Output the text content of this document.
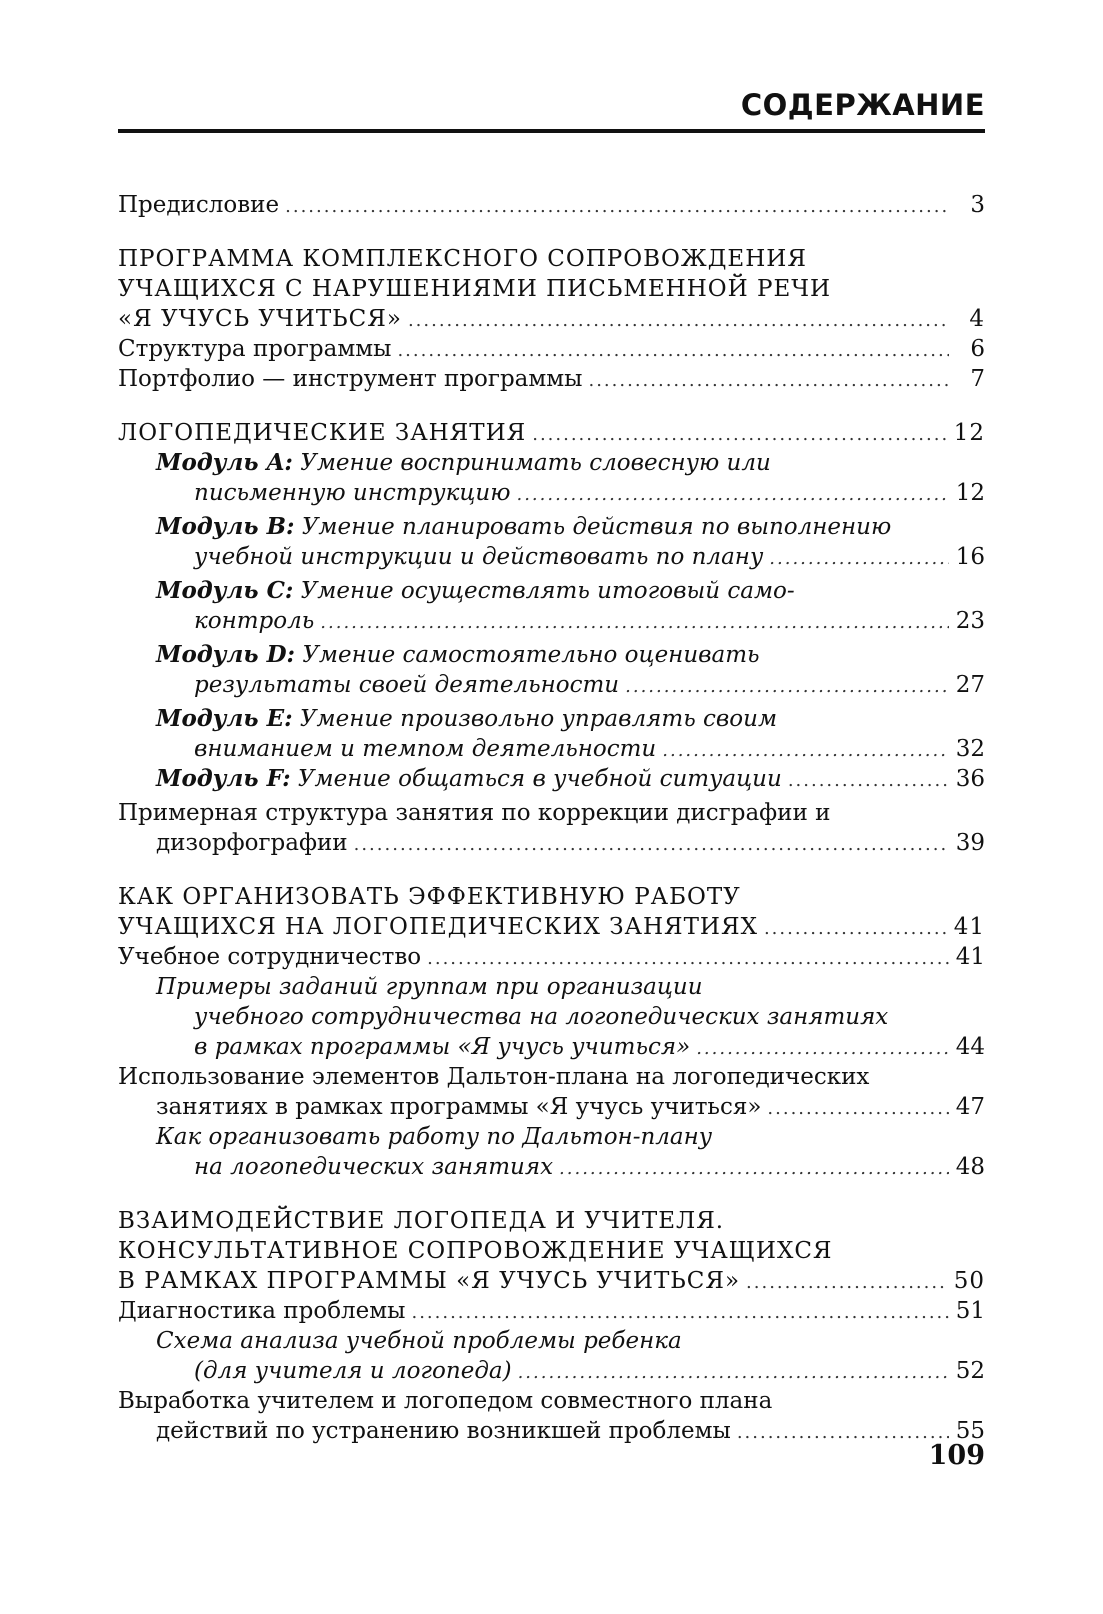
СОДЕРЖАНИЕ
Предисловие .....	3
ПРОГРАММА КОМПЛЕКСНОГО СОПРОВОЖДЕНИЯ
УЧАЩИХСЯ С НАРУШЕНИЯМИ ПИСЬМЕННОЙ РЕЧИ
«Я УЧУСЬ УЧИТЬСЯ» .....	4
Структура программы .....	6
Портфолио — инструмент программы .....	7
ЛОГОПЕДИЧЕСКИЕ ЗАНЯТИЯ .....	12
Модуль A: Умение воспринимать словесную или
письменную инструкцию .....	12
Модуль B: Умение планировать действия по выполнению
учебной инструкции и действовать по плану .....	16
Модуль C: Умение осуществлять итоговый само-
контроль .....	23
Модуль D: Умение самостоятельно оценивать
результаты своей деятельности .....	27
Модуль E: Умение произвольно управлять своим
вниманием и темпом деятельности .....	32
Модуль F: Умение общаться в учебной ситуации .....	36
Примерная структура занятия по коррекции дисграфии и
дизорфографии .....	39
КАК ОРГАНИЗОВАТЬ ЭФФЕКТИВНУЮ РАБОТУ
УЧАЩИХСЯ НА ЛОГОПЕДИЧЕСКИХ ЗАНЯТИЯХ .....	41
Учебное сотрудничество .....	41
Примеры заданий группам при организации
учебного сотрудничества на логопедических занятиях
в рамках программы «Я учусь учиться» .....	44
Использование элементов Дальтон-плана на логопедических
занятиях в рамках программы «Я учусь учиться» .....	47
Как организовать работу по Дальтон-плану
на логопедических занятиях .....	48
ВЗАИМОДЕЙСТВИЕ ЛОГОПЕДА И УЧИТЕЛЯ.
КОНСУЛЬТАТИВНОЕ СОПРОВОЖДЕНИЕ УЧАЩИХСЯ
В РАМКАХ ПРОГРАММЫ «Я УЧУСЬ УЧИТЬСЯ» .....	50
Диагностика проблемы .....	51
Схема анализа учебной проблемы ребенка
(для учителя и логопеда) .....	52
Выработка учителем и логопедом совместного плана
действий по устранению возникшей проблемы .....	55
109
